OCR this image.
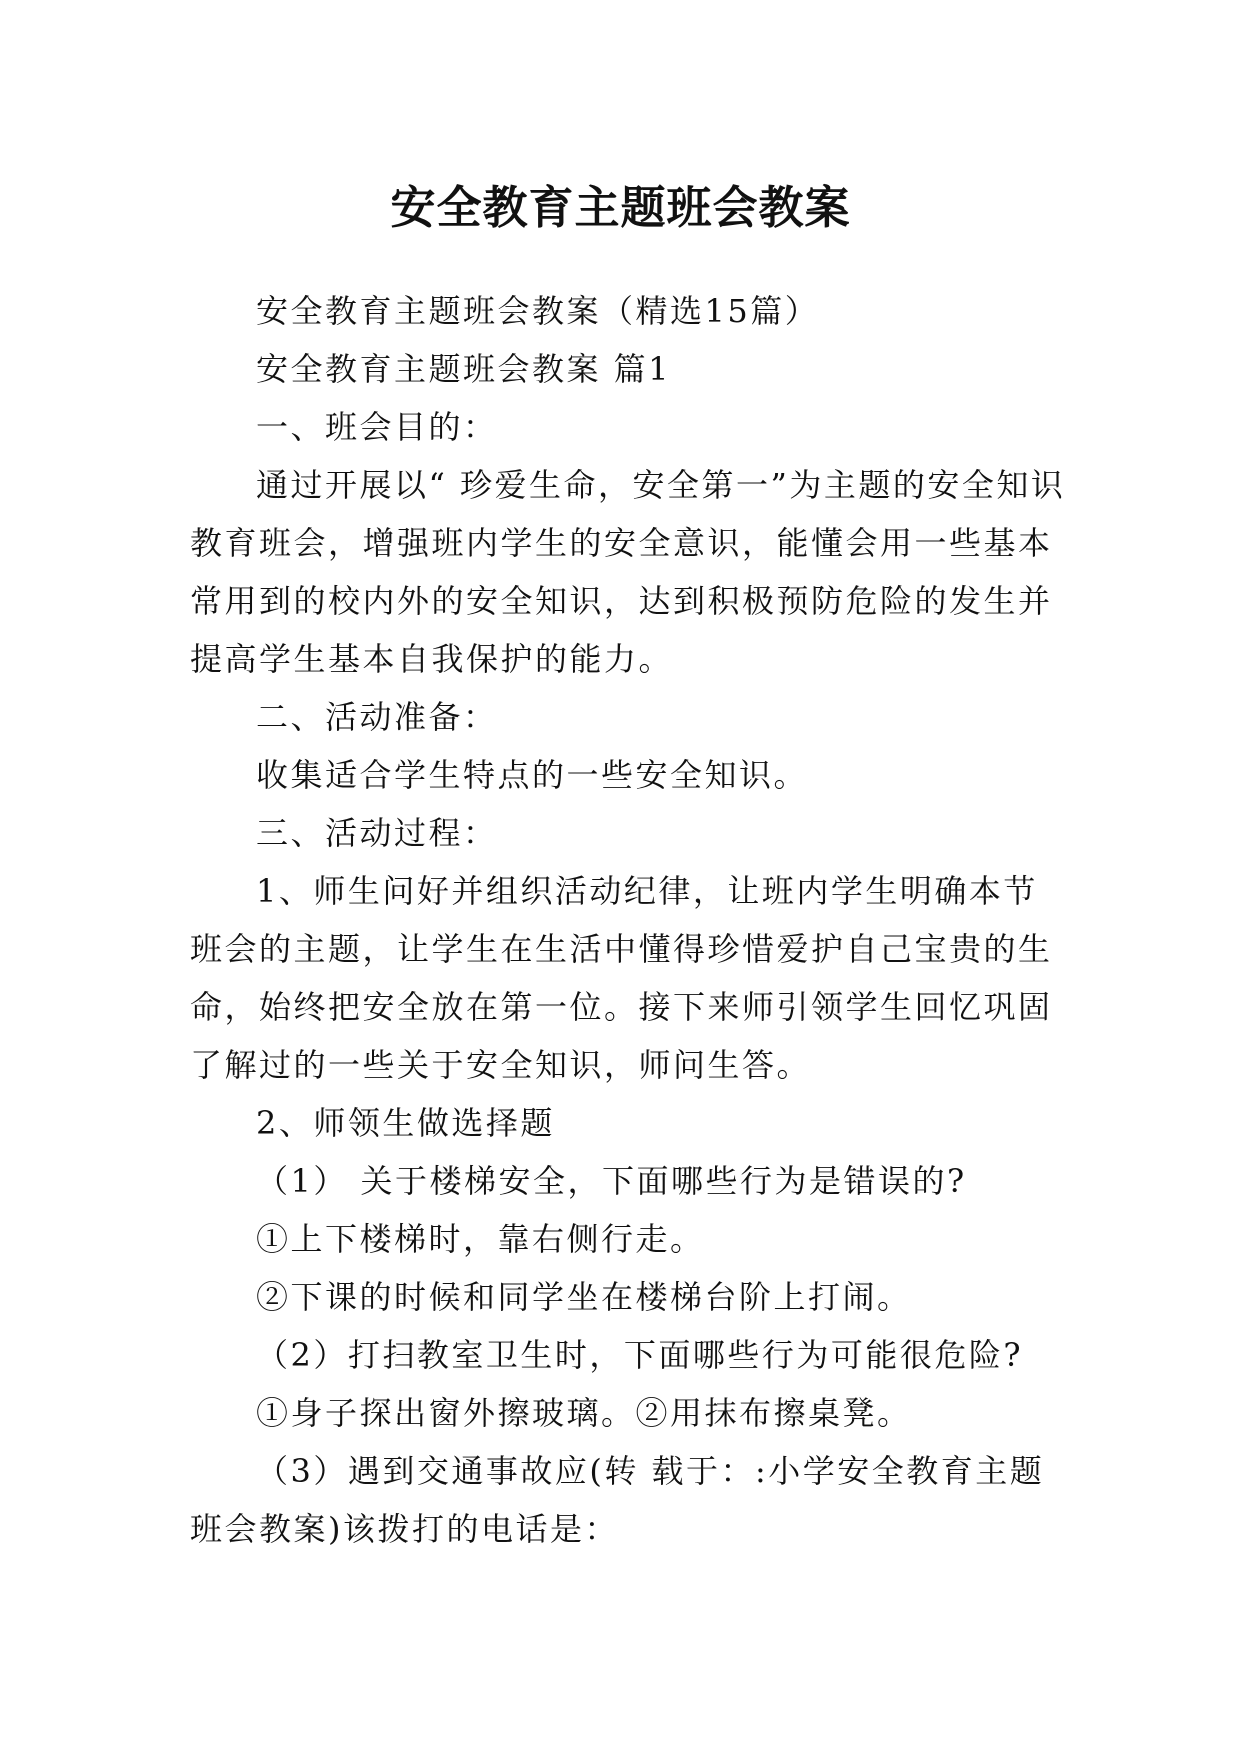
安全教育主题班会教案

安全教育主题班会教案（精选15篇）

安全教育主题班会教案 篇1

一、班会目的：

通过开展以“ 珍爱生命，安全第一”为主题的安全知识教育班会，增强班内学生的安全意识，能懂会用一些基本常用到的校内外的安全知识，达到积极预防危险的发生并提高学生基本自我保护的能力。

二、活动准备：

收集适合学生特点的一些安全知识。

三、活动过程：

1、师生问好并组织活动纪律，让班内学生明确本节班会的主题，让学生在生活中懂得珍惜爱护自己宝贵的生命，始终把安全放在第一位。接下来师引领学生回忆巩固了解过的一些关于安全知识，师问生答。

2、师领生做选择题

（1） 关于楼梯安全，下面哪些行为是错误的?

①上下楼梯时，靠右侧行走。

②下课的时候和同学坐在楼梯台阶上打闹。

（2）打扫教室卫生时，下面哪些行为可能很危险?

①身子探出窗外擦玻璃。②用抹布擦桌凳。

（3）遇到交通事故应(转 载于：:小学安全教育主题班会教案)该拨打的电话是：
